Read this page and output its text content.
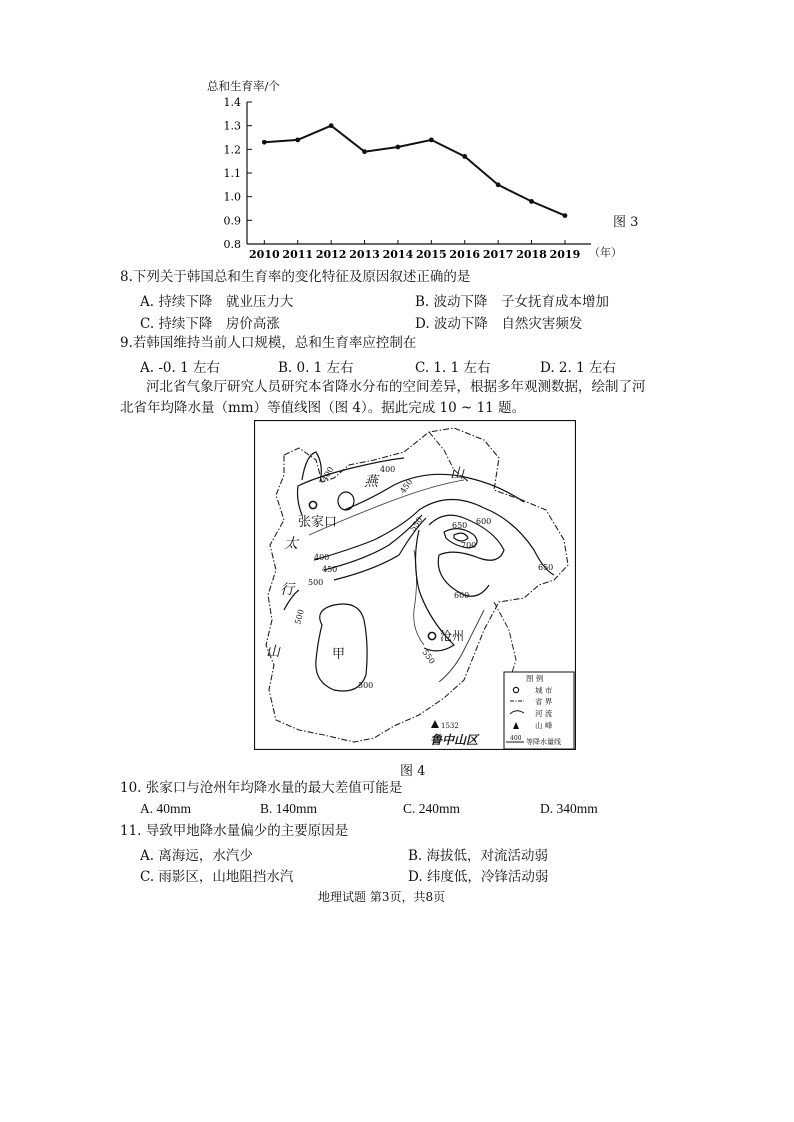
总和生育率/个
0.8
0.9
1.0
1.1
1.2
1.3
1.4
2010 2011 2012 2013 2014 2015 2016 2017 2018 2019 （年）
图 3
8.下列关于韩国总和生育率的变化特征及原因叙述正确的是
A. 持续下降　就业压力大	B. 波动下降　子女抚育成本增加
C. 持续下降　房价高涨	D. 波动下降　自然灾害频发
9.若韩国维持当前人口规模，总和生育率应控制在
A. -0. 1 左右	B. 0. 1 左右	C. 1. 1 左右	D. 2. 1 左右
河北省气象厅研究人员研究本省降水分布的空间差异，根据多年观测数据，绘制了河
北省年均降水量（mm）等值线图（图 4）。据此完成 10 ~ 11 题。
400	400
450
550	600
650
700
400
450
500
500
550
600
650
500
山
燕
太
行
山
张家口
沧州
甲
1532
鲁中山区
图 例
城 市
省 界
河 流
山 峰
400 等降水量线
图 4
10. 张家口与沧州年均降水量的最大差值可能是
A. 40mm	B. 140mm	C. 240mm	D. 340mm
11. 导致甲地降水量偏少的主要原因是
A. 离海远，水汽少	B. 海拔低，对流活动弱
C. 雨影区，山地阻挡水汽	D. 纬度低，冷锋活动弱
地理试题 第3页，共8页
